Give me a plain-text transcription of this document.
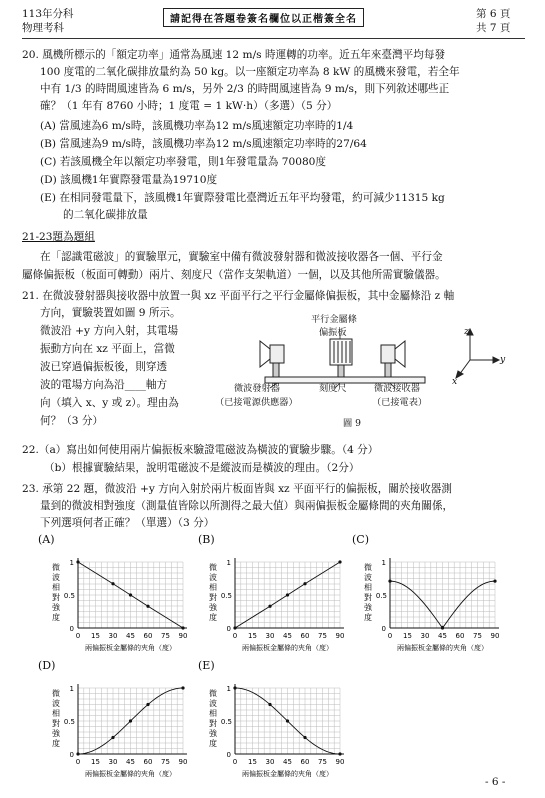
113年分科
物理考科
請記得在答題卷簽名欄位以正楷簽全名	第 6 頁
共 7 頁
20. 風機所標示的「額定功率」通常為風速 12 m/s 時運轉的功率。近五年來臺灣平均每發
100 度電的二氧化碳排放量約為 50 kg。以一座額定功率為 8 kW 的風機來發電，若全年
中有 1/3 的時間風速皆為 6 m/s，另外 2/3 的時間風速皆為 9 m/s，則下列敘述哪些正
確？（1 年有 8760 小時；1 度電 = 1 kW·h）（多選）（5 分）
(A) 當風速為6 m/s時，該風機功率為12 m/s風速額定功率時的1/4
(B) 當風速為9 m/s時，該風機功率為12 m/s風速額定功率時的27/64
(C) 若該風機全年以額定功率發電，則1年發電量為 70080度
(D) 該風機1年實際發電量為19710度
(E) 在相同發電量下，該風機1年實際發電比臺灣近五年平均發電，約可減少11315 kg
的二氧化碳排放量
21-23題為題組
在「認識電磁波」的實驗單元，實驗室中備有微波發射器和微波接收器各一個、平行金
屬條偏振板（板面可轉動）兩片、刻度尺（當作支架軌道）一個，以及其他所需實驗儀器。
21. 在微波發射器與接收器中放置一與 xz 平面平行之平行金屬條偏振板，其中金屬條沿 z 軸
方向，實驗裝置如圖 9 所示。
微波沿 +y 方向入射，其電場
振動方向在 xz 平面上，當微
波已穿過偏振板後，則穿透
波的電場方向為沿____軸方
向（填入 x、y 或 z）。理由為
何？（3 分）
平行金屬條
偏振板
微波發射器
（已接電源供應器）
刻度尺	微波接收器
（已接電表）
圖 9
z
y
x
22.（a）寫出如何使用兩片偏振板來驗證電磁波為橫波的實驗步驟。（4 分）
（b）根據實驗結果，說明電磁波不是縱波而是橫波的理由。（2分）
23. 承第 22 題，微波沿 +y 方向入射於兩片板面皆與 xz 平面平行的偏振板，關於接收器測
量到的微波相對強度（測量值皆除以所測得之最大值）與兩偏振板金屬條間的夾角關係，
下列選項何者正確？（單選）（3 分）
(A)	(B)	(C)
(D)	(E)
1
0.5
0
0 15 30 45 60 75 90
兩偏振板金屬條的夾角（度）
微
波
相
對
強
度
1
0.5
0
0 15 30 45 60 75 90
兩偏振板金屬條的夾角（度）
微
波
相
對
強
度
1
0.5
0
0 15 30 45 60 75 90
兩偏振板金屬條的夾角（度）
微
波
相
對
強
度
1
0.5
0
0 15 30 45 60 75 90
兩偏振板金屬條的夾角（度）
微
波
相
對
強
度
1
0.5
0
0 15 30 45 60 75 90
兩偏振板金屬條的夾角（度）
微
波
相
對
強
度
- 6 -
